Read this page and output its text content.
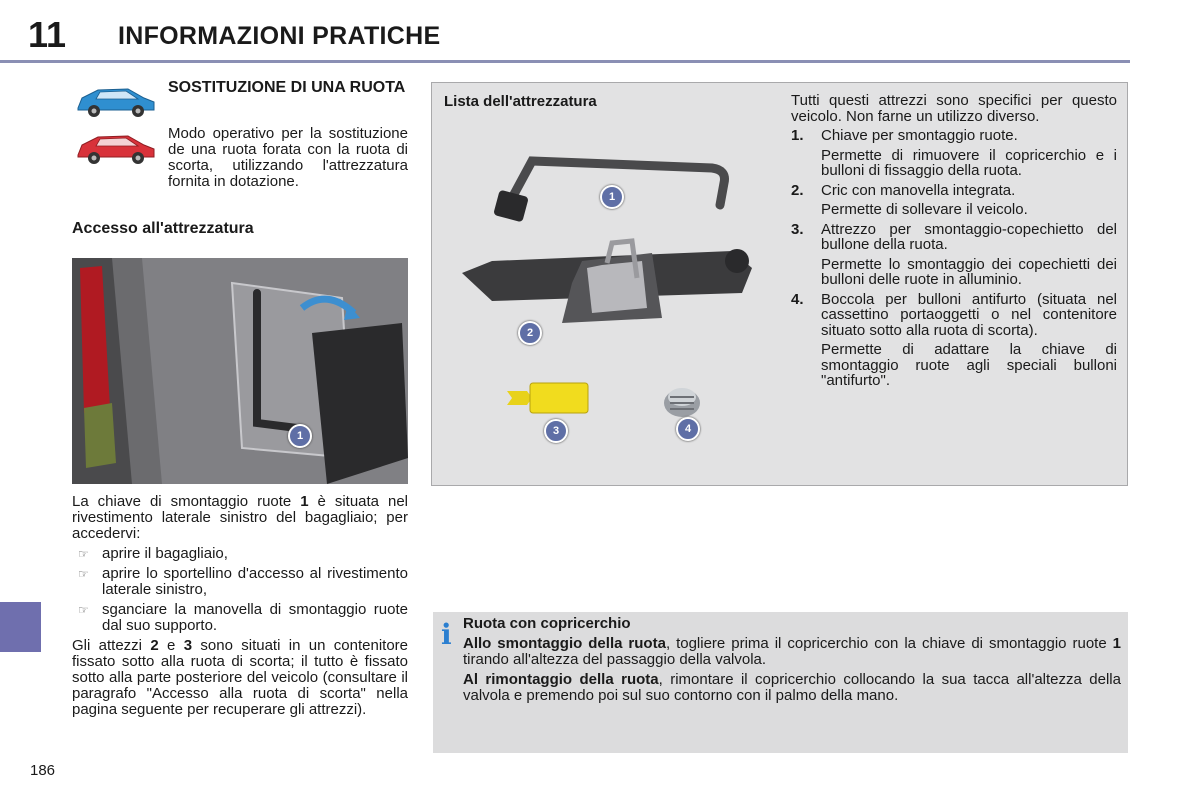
11 INFORMAZIONI PRATICHE
186
SOSTITUZIONE DI UNA RUOTA
Modo operativo per la sostituzione de una ruota forata con la ruota di scorta, utilizzando l'attrezzatura fornita in dotazione.
Accesso all'attrezzatura
1

La chiave di smontaggio ruote 1 è situata nel rivestimento laterale sinistro del bagagliaio; per accedervi:

☞ aprire il bagagliaio,
☞ aprire lo sportellino d'accesso al rivestimento laterale sinistro,
☞ sganciare la manovella di smontaggio ruote dal suo supporto.

Gli attezzi 2 e 3 sono situati in un contenitore fissato sotto alla ruota di scorta; il tutto è fissato sotto alla parte posteriore del veicolo (consultare il paragrafo "Accesso alla ruota di scorta" nella pagina seguente per recuperare gli attrezzi).

Lista dell'attrezzatura
1
2
3	4

Tutti questi attrezzi sono specifici per questo veicolo. Non farne un utilizzo diverso.

1. Chiave per smontaggio ruote.
Permette di rimuovere il copricerchio e i bulloni di fissaggio della ruota.
2. Cric con manovella integrata.
Permette di sollevare il veicolo.
3. Attrezzo per smontaggio-copechietto del bullone della ruota.
Permette lo smontaggio dei copechietti dei bulloni delle ruote in alluminio.
4. Boccola per bulloni antifurto (situata nel cassettino portaoggetti o nel contenitore situato sotto alla ruota di scorta).
Permette di adattare la chiave di smontaggio ruote agli speciali bulloni "antifurto".
i Ruota con copricerchio

Allo smontaggio della ruota, togliere prima il copricerchio con la chiave di smontaggio ruote 1 tirando all'altezza del passaggio della valvola.

Al rimontaggio della ruota, rimontare il copricerchio collocando la sua tacca all'altezza della valvola e premendo poi sul suo contorno con il palmo della mano.
